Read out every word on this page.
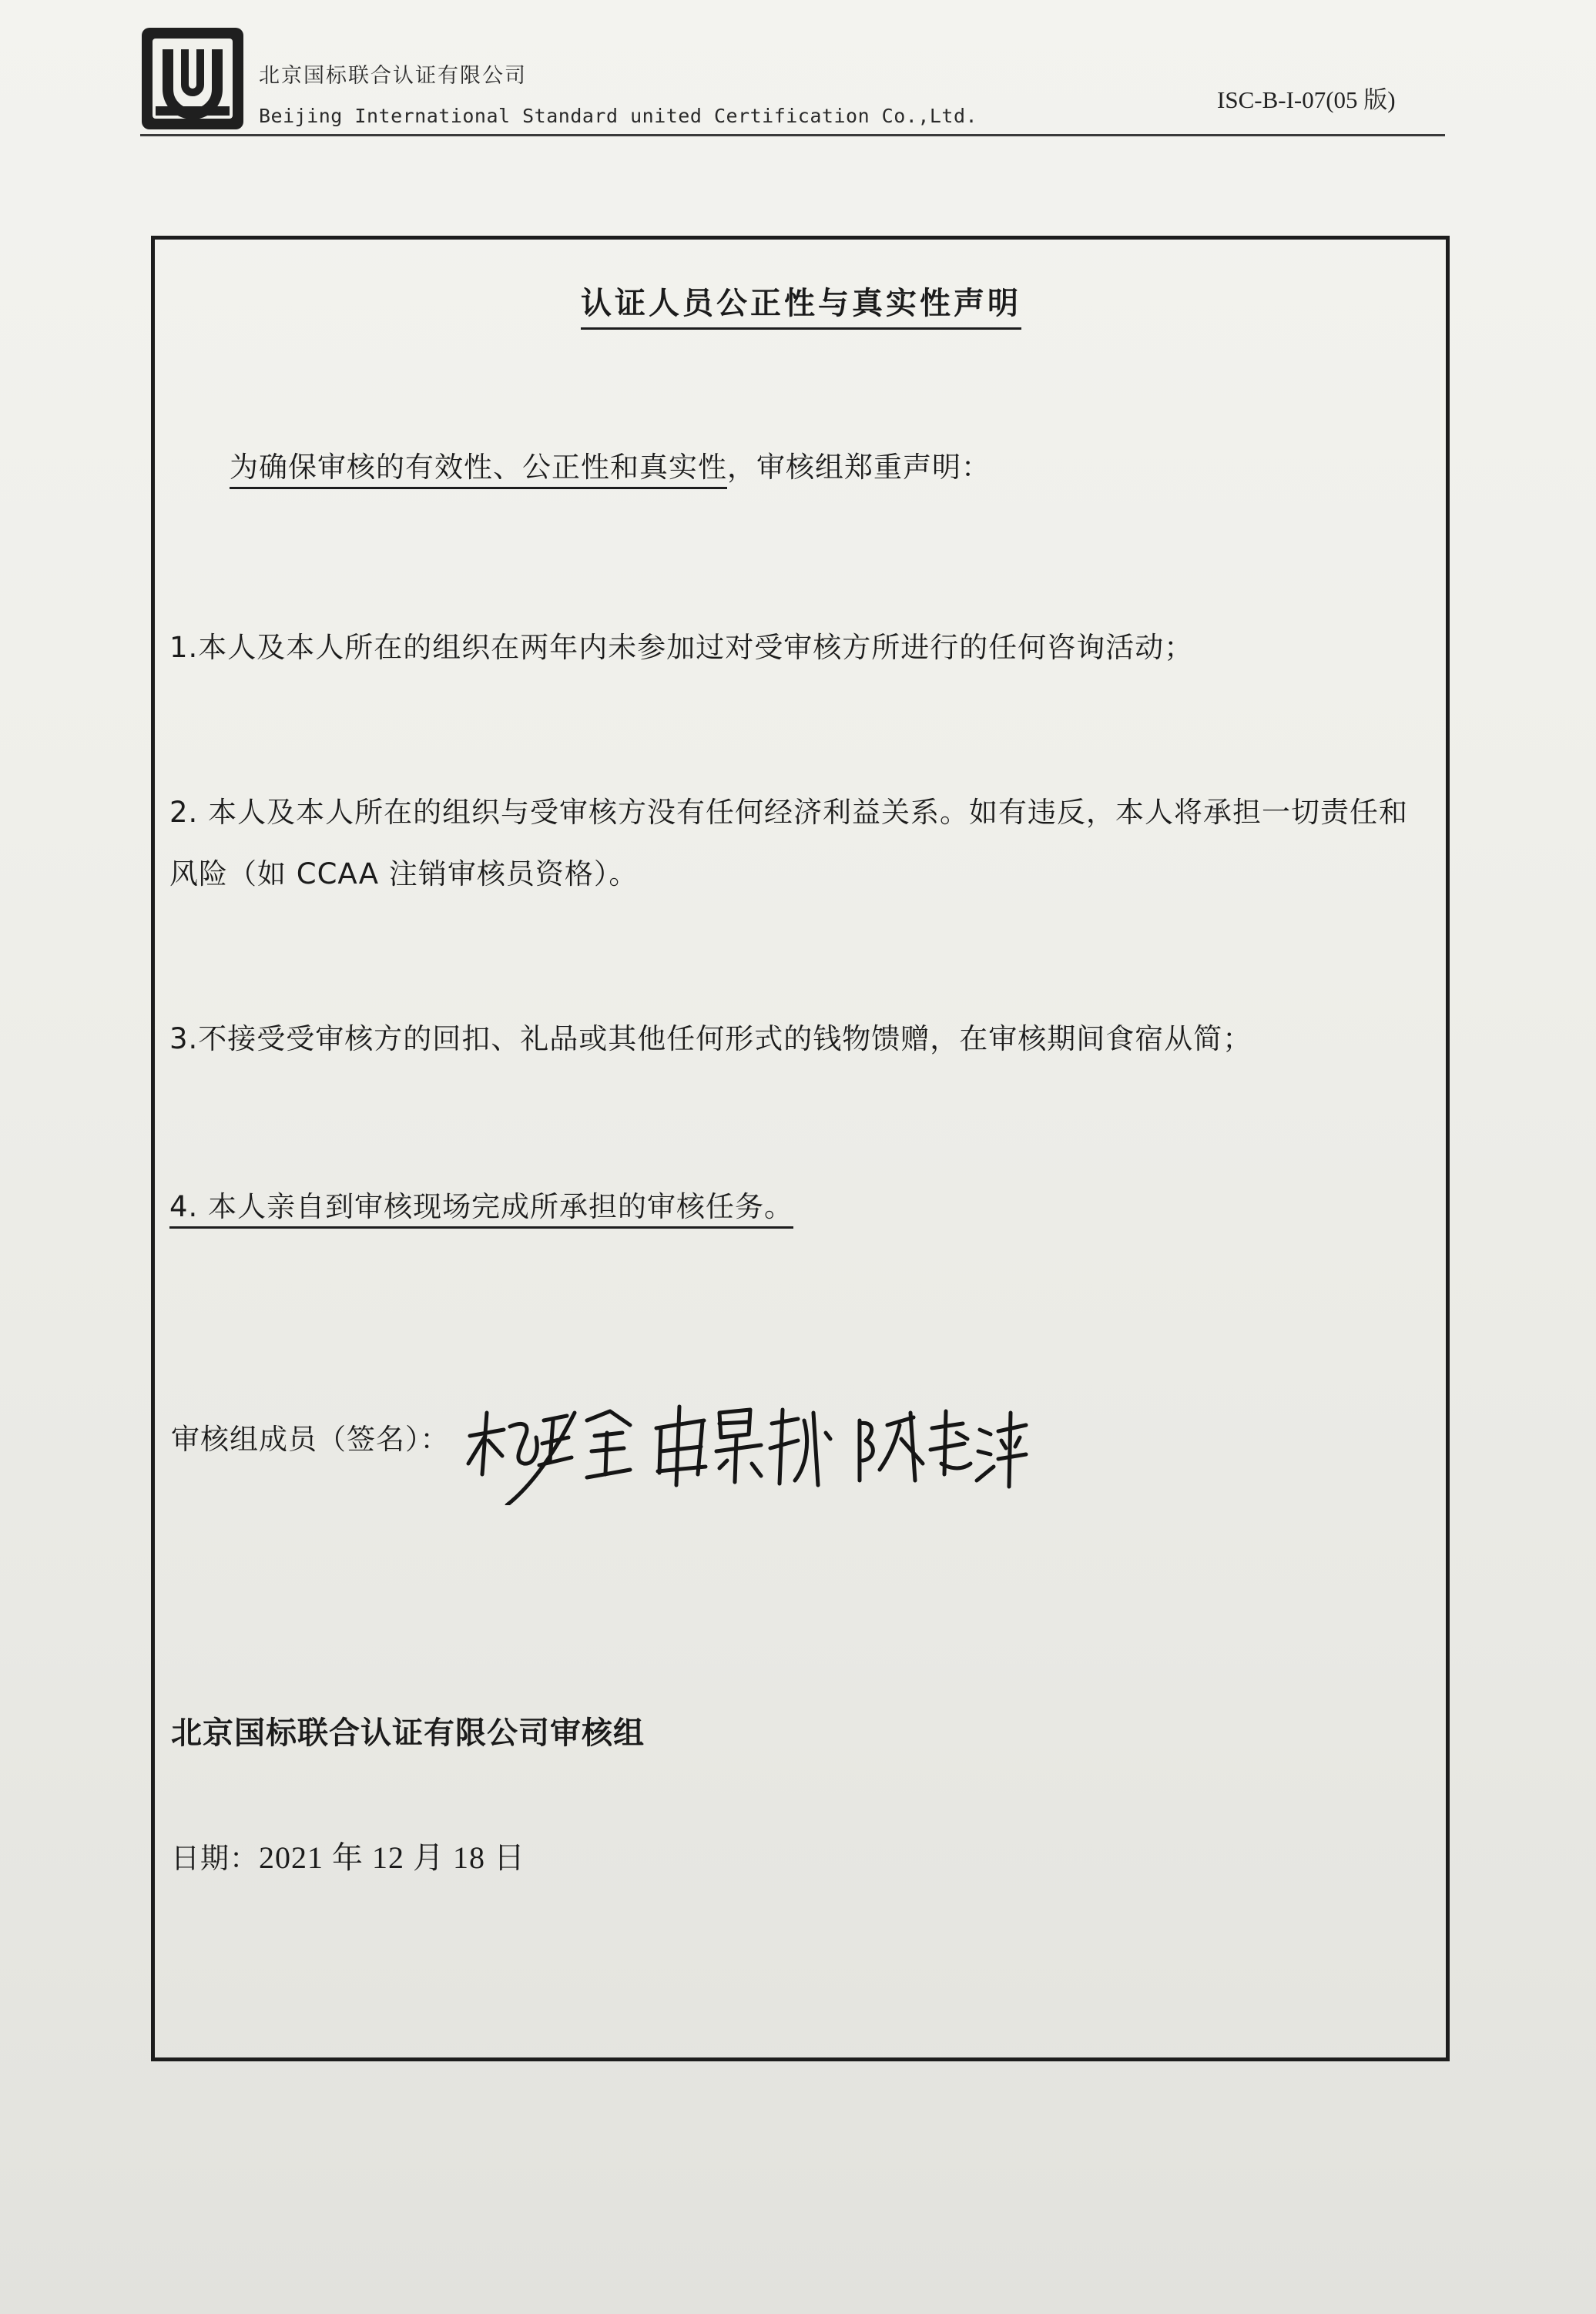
北京国标联合认证有限公司
Beijing International Standard united Certification Co.,Ltd.
ISC-B-I-07(05 版)
认证人员公正性与真实性声明
为确保审核的有效性、公正性和真实性，审核组郑重声明：
1.本人及本人所在的组织在两年内未参加过对受审核方所进行的任何咨询活动；
2. 本人及本人所在的组织与受审核方没有任何经济利益关系。如有违反，本人将承担一切责任和
风险（如 CCAA 注销审核员资格）。
3.不接受受审核方的回扣、礼品或其他任何形式的钱物馈赠，在审核期间食宿从简；
4. 本人亲自到审核现场完成所承担的审核任务。
审核组成员（签名）：
北京国标联合认证有限公司审核组
日期：2021 年 12 月 18 日
